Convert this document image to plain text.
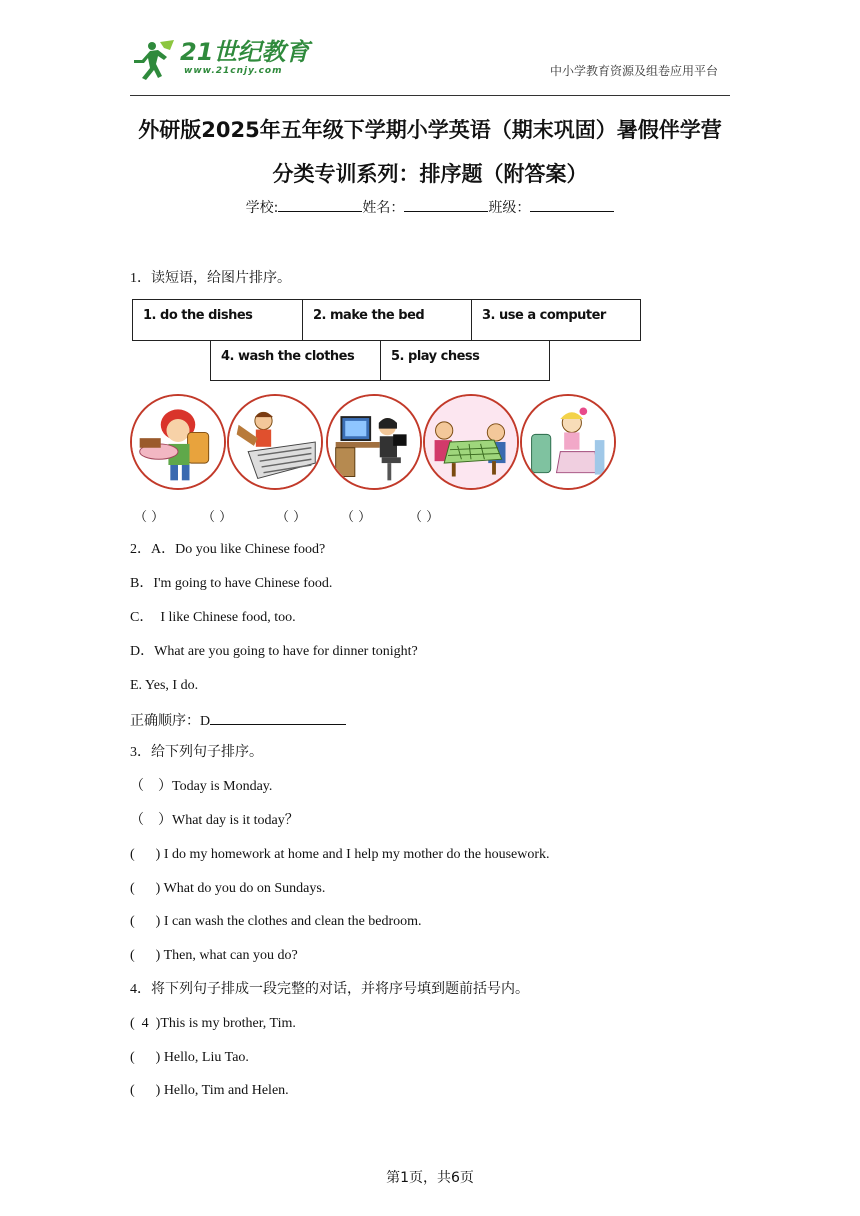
21世纪教育
www.21cnjy.com	中小学教育资源及组卷应用平台
外研版2025年五年级下学期小学英语（期末巩固）暑假伴学营
分类专训系列：排序题（附答案）
学校:	姓名：	班级：
1．读短语，给图片排序。
1. do the dishes	2. make the bed	3. use a computer
4. wash the clothes	5. play chess
（ ）	（ ）	（ ）	（ ）	（ ）
2．A．Do you like Chinese food?
B．I'm going to have Chinese food.
C．  I like Chinese food, too.
D．What are you going to have for dinner tonight?
E. Yes, I do.
正确顺序：D
3．给下列句子排序。
（　）Today is Monday.
（　）What day is it today？
(      ) I do my homework at home and I help my mother do the housework.
(      ) What do you do on Sundays.
(      ) I can wash the clothes and clean the bedroom.
(      ) Then, what can you do?
4．将下列句子排成一段完整的对话，并将序号填到题前括号内。
(  4  )This is my brother, Tim.
(      ) Hello, Liu Tao.
(      ) Hello, Tim and Helen.
第1页，共6页
